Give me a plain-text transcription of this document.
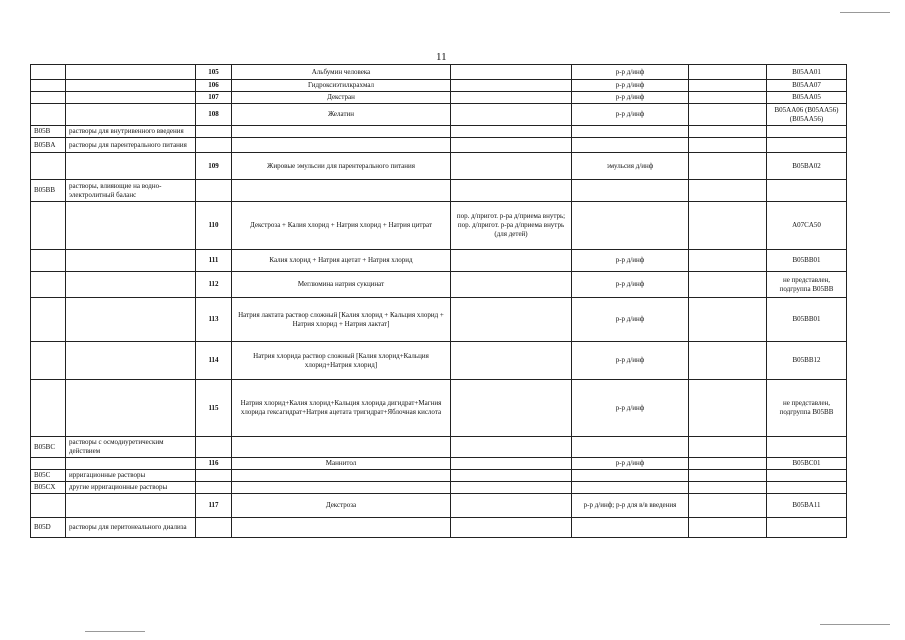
11
		105	Альбумин человека		р-р д/инф		B05AA01
		106	Гидроксиэтилкрахмал		р-р д/инф		B05AA07
		107	Декстран		р-р д/инф		B05AA05
		108	Желатин		р-р д/инф		B05AA06 (B05AA56) (B05AA56)
B05B	растворы для внутривенного введения						
B05BA	растворы для парентерального питания						
		109	Жировые эмульсии для парентерального питания		эмульсия д/инф		B05BA02
B05BB	растворы, влияющие на водно-электролитный баланс						
		110	Декстроза + Калия хлорид + Натрия хлорид + Натрия цитрат	пор. д/пригот. р-ра д/приема внутрь; пор. д/пригот. р-ра д/приема внутрь (для детей)			A07CA50
		111	Калия хлорид + Натрия ацетат + Натрия хлорид		р-р д/инф		B05BB01
		112	Меглюмина натрия сукцинат		р-р д/инф		не представлен, подгруппа B05BB
		113	Натрия лактата раствор сложный [Калия хлорид + Кальция хлорид + Натрия хлорид + Натрия лактат]		р-р д/инф		B05BB01
		114	Натрия хлорида раствор сложный [Калия хлорид+Кальция хлорид+Натрия хлорид]		р-р д/инф		B05BB12
		115	Натрия хлорид+Калия хлорид+Кальция хлорида дигидрат+Магния хлорида гексагидрат+Натрия ацетата тригидрат+Яблочная кислота		р-р д/инф		не представлен, подгруппа B05BB
B05BC	растворы с осмодиуретическим действием						
		116	Маннитол		р-р д/инф		B05BC01
B05C	ирригационные растворы						
B05CX	другие ирригационные растворы						
		117	Декстроза		р-р д/инф; р-р для в/в введения		B05BA11
B05D	растворы для перитонеального диализа						
